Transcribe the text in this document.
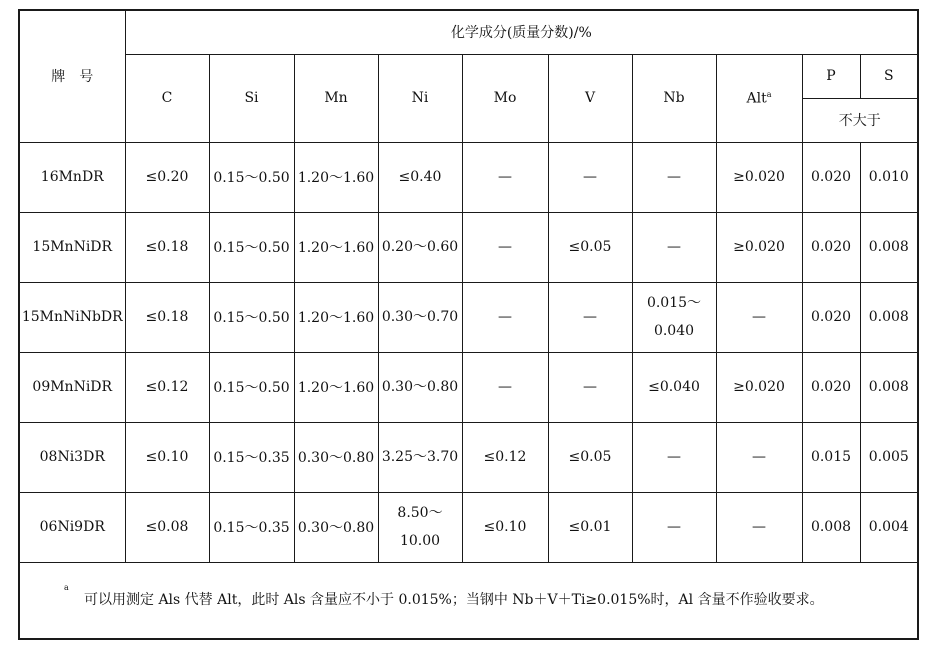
牌　号	化学成分(质量分数)/%									
	C	Si	Mn	Ni	Mo	V	Nb	Alt$^a$	P	S
									不大于	
16MnDR	≤0.20	0.15～0.50	1.20～1.60	≤0.40	—	—	—	≥0.020	0.020	0.010
15MnNiDR	≤0.18	0.15～0.50	1.20～1.60	0.20～0.60	—	≤0.05	—	≥0.020	0.020	0.008
15MnNiNbDR	≤0.18	0.15～0.50	1.20～1.60	0.30～0.70	—	—	0.015～0.040	—	0.020	0.008
09MnNiDR	≤0.12	0.15～0.50	1.20～1.60	0.30～0.80	—	—	≤0.040	≥0.020	0.020	0.008
08Ni3DR	≤0.10	0.15～0.35	0.30～0.80	3.25～3.70	≤0.12	≤0.05	—	—	0.015	0.005
06Ni9DR	≤0.08	0.15～0.35	0.30～0.80	8.50～10.00	≤0.10	≤0.01	—	—	0.008	0.004

a
可以用测定 Als 代替 Alt，此时 Als 含量应不小于 0.015%；当钢中 Nb＋V＋Ti≥0.015%时，Al 含量不作验收要求。										
